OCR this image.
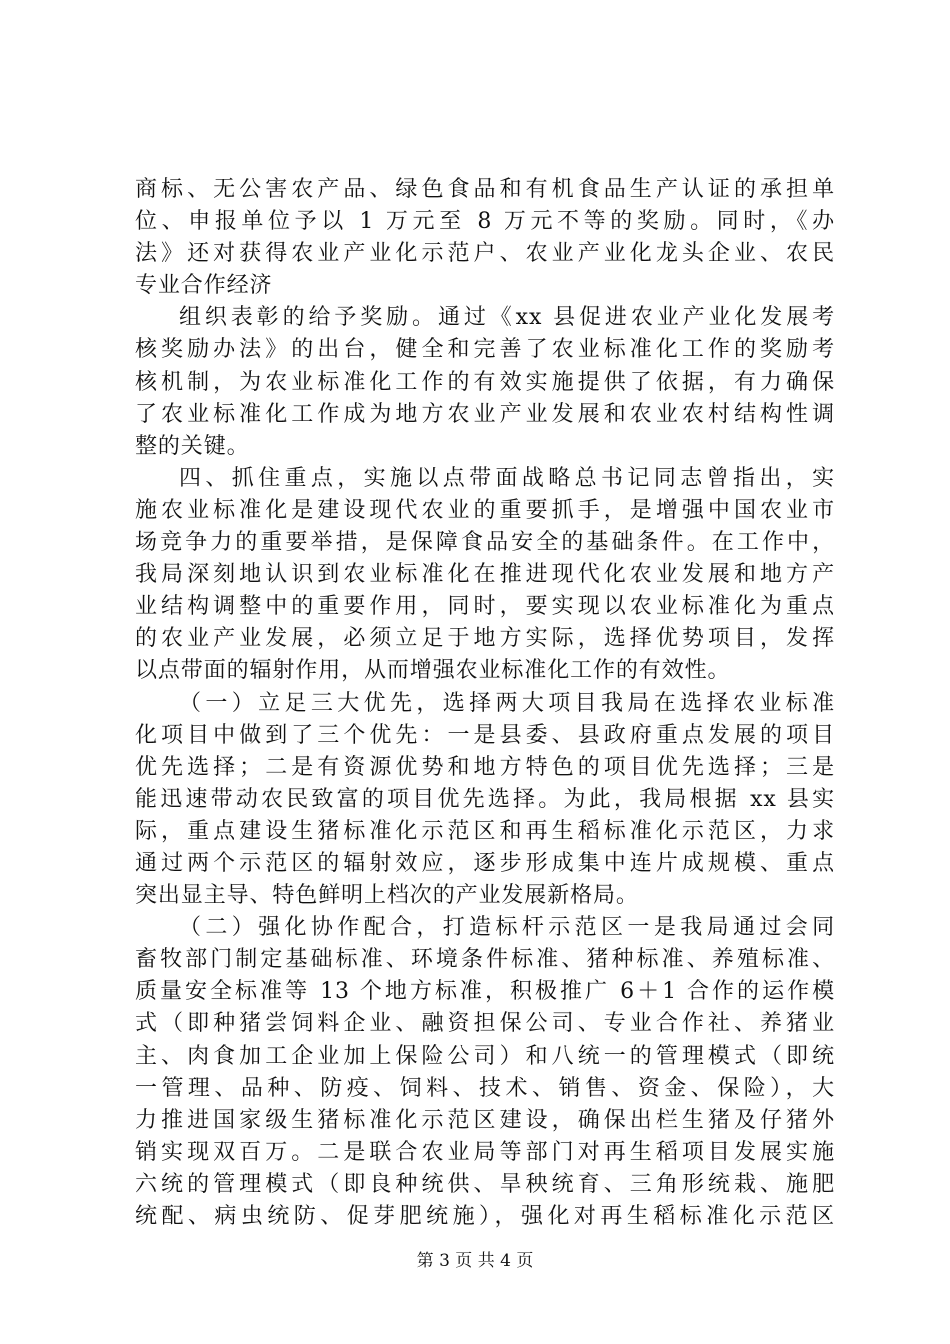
商标、无公害农产品、绿色食品和有机食品生产认证的承担单
位、申报单位予以 1 万元至 8 万元不等的奖励。同时，《办
法》还对获得农业产业化示范户、农业产业化龙头企业、农民
专业合作经济
组织表彰的给予奖励。通过《xx 县促进农业产业化发展考
核奖励办法》的出台，健全和完善了农业标准化工作的奖励考
核机制，为农业标准化工作的有效实施提供了依据，有力确保
了农业标准化工作成为地方农业产业发展和农业农村结构性调
整的关键。
四、抓住重点，实施以点带面战略总书记同志曾指出，实
施农业标准化是建设现代农业的重要抓手，是增强中国农业市
场竞争力的重要举措，是保障食品安全的基础条件。在工作中，
我局深刻地认识到农业标准化在推进现代化农业发展和地方产
业结构调整中的重要作用，同时，要实现以农业标准化为重点
的农业产业发展，必须立足于地方实际，选择优势项目，发挥
以点带面的辐射作用，从而增强农业标准化工作的有效性。
（一）立足三大优先，选择两大项目我局在选择农业标准
化项目中做到了三个优先：一是县委、县政府重点发展的项目
优先选择；二是有资源优势和地方特色的项目优先选择；三是
能迅速带动农民致富的项目优先选择。为此，我局根据 xx 县实
际，重点建设生猪标准化示范区和再生稻标准化示范区，力求
通过两个示范区的辐射效应，逐步形成集中连片成规模、重点
突出显主导、特色鲜明上档次的产业发展新格局。
（二）强化协作配合，打造标杆示范区一是我局通过会同
畜牧部门制定基础标准、环境条件标准、猪种标准、养殖标准、
质量安全标准等 13 个地方标准，积极推广 6＋1 合作的运作模
式（即种猪尝饲料企业、融资担保公司、专业合作社、养猪业
主、肉食加工企业加上保险公司）和八统一的管理模式（即统
一管理、品种、防疫、饲料、技术、销售、资金、保险），大
力推进国家级生猪标准化示范区建设，确保出栏生猪及仔猪外
销实现双百万。二是联合农业局等部门对再生稻项目发展实施
六统的管理模式（即良种统供、旱秧统育、三角形统栽、施肥
统配、病虫统防、促芽肥统施），强化对再生稻标准化示范区
第 3 页 共 4 页
